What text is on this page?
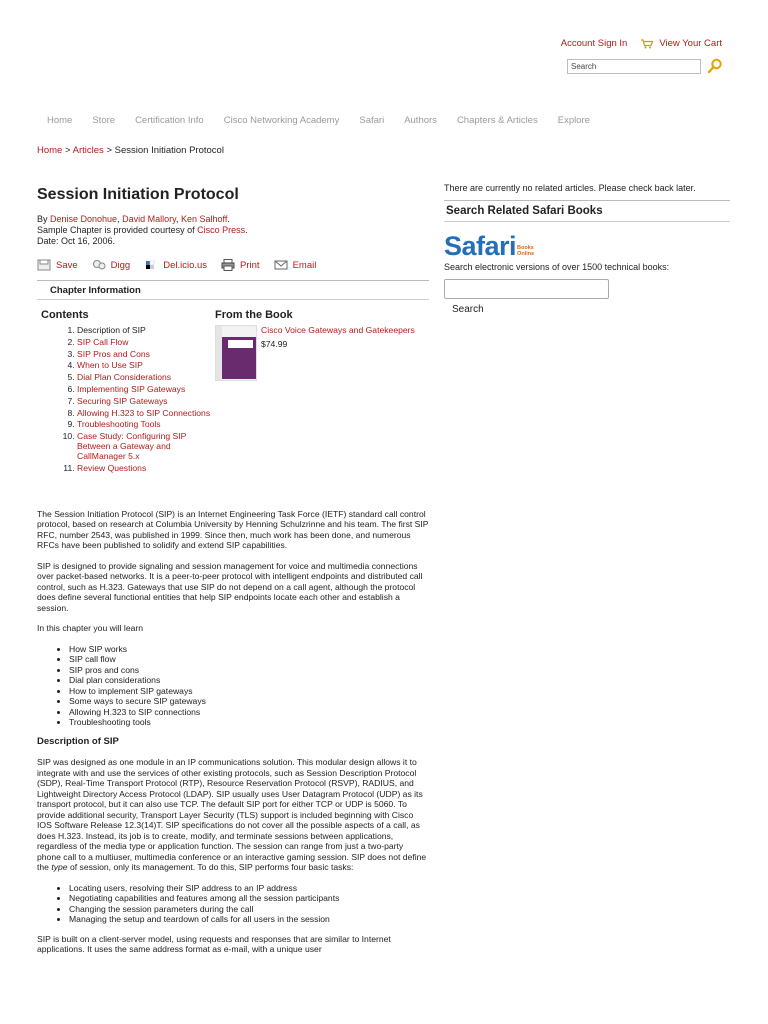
Account Sign In	View Your Cart
Search
Home Store Certification Info Cisco Networking Academy Safari Authors Chapters & Articles Explore
Home > Articles > Session Initiation Protocol
Session Initiation Protocol
By Denise Donohue, David Mallory, Ken Salhoff.
Sample Chapter is provided courtesy of Cisco Press.
Date: Oct 16, 2006.
Save	Digg	Del.icio.us	Print	Email
Chapter Information
Contents
1. Description of SIP
2. SIP Call Flow
3. SIP Pros and Cons
4. When to Use SIP
5. Dial Plan Considerations
6. Implementing SIP Gateways
7. Securing SIP Gateways
8. Allowing H.323 to SIP Connections
9. Troubleshooting Tools
10. Case Study: Configuring SIP Between a Gateway and CallManager 5.x
11. Review Questions
From the Book
Cisco Voice Gateways and Gatekeepers
$74.99

The Session Initiation Protocol (SIP) is an Internet Engineering Task Force (IETF) standard call control protocol, based on research at Columbia University by Henning Schulzrinne and his team. The first SIP RFC, number 2543, was published in 1999. Since then, much work has been done, and numerous RFCs have been published to solidify and extend SIP capabilities.

SIP is designed to provide signaling and session management for voice and multimedia connections over packet-based networks. It is a peer-to-peer protocol with intelligent endpoints and distributed call control, such as H.323. Gateways that use SIP do not depend on a call agent, although the protocol does define several functional entities that help SIP endpoints locate each other and establish a session.

In this chapter you will learn

• How SIP works
• SIP call flow
• SIP pros and cons
• Dial plan considerations
• How to implement SIP gateways
• Some ways to secure SIP gateways
• Allowing H.323 to SIP connections
• Troubleshooting tools
Description of SIP

SIP was designed as one module in an IP communications solution. This modular design allows it to integrate with and use the services of other existing protocols, such as Session Description Protocol (SDP), Real-Time Transport Protocol (RTP), Resource Reservation Protocol (RSVP), RADIUS, and Lightweight Directory Access Protocol (LDAP). SIP usually uses User Datagram Protocol (UDP) as its transport protocol, but it can also use TCP. The default SIP port for either TCP or UDP is 5060. To provide additional security, Transport Layer Security (TLS) support is included beginning with Cisco IOS Software Release 12.3(14)T. SIP specifications do not cover all the possible aspects of a call, as does H.323. Instead, its job is to create, modify, and terminate sessions between applications, regardless of the media type or application function. The session can range from just a two-party phone call to a multiuser, multimedia conference or an interactive gaming session. SIP does not define the type of session, only its management. To do this, SIP performs four basic tasks:

• Locating users, resolving their SIP address to an IP address
• Negotiating capabilities and features among all the session participants
• Changing the session parameters during the call
• Managing the setup and teardown of calls for all users in the session

SIP is built on a client-server model, using requests and responses that are similar to Internet applications. It uses the same address format as e-mail, with a unique user

There are currently no related articles. Please check back later.
Search Related Safari Books
Safari Books
Online
Search electronic versions of over 1500 technical books:
Search
